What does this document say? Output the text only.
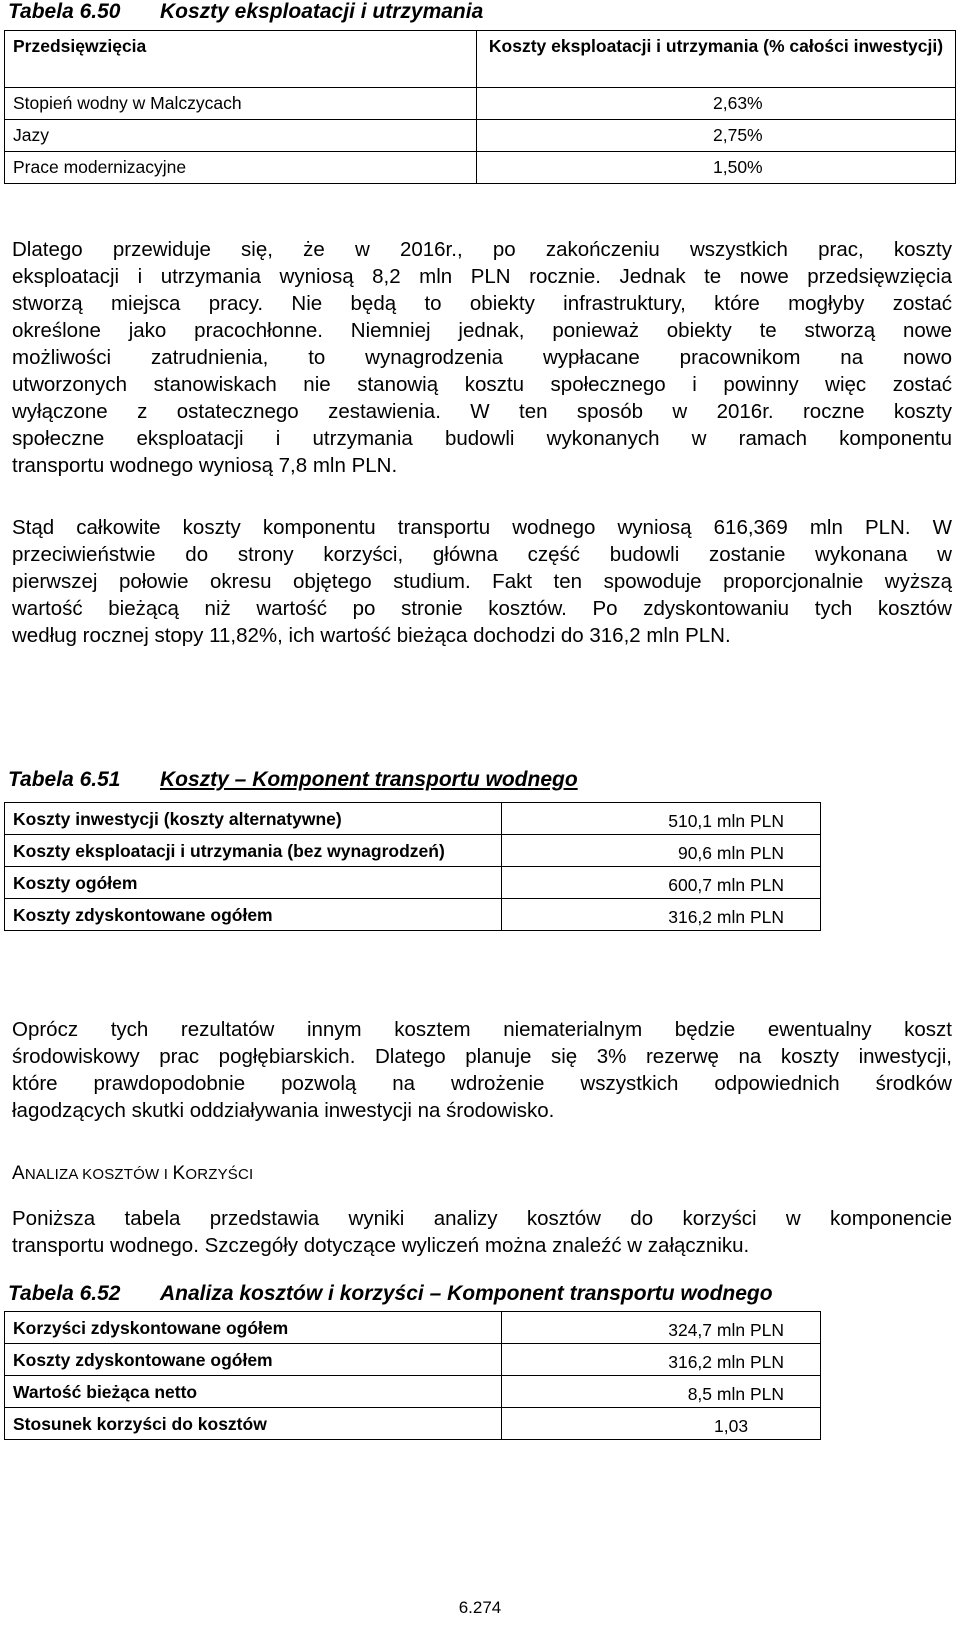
Tabela 6.50 Koszty eksploatacji i utrzymania
Przedsięwzięcia	Koszty eksploatacji i utrzymania (% całości inwestycji)
Stopień wodny w Malczycach	2,63%
Jazy	2,75%
Prace modernizacyjne	1,50%
Dlatego przewiduje się, że w 2016r., po zakończeniu wszystkich prac, koszty
eksploatacji i utrzymania wyniosą 8,2 mln PLN rocznie. Jednak te nowe przedsięwzięcia
stworzą miejsca pracy. Nie będą to obiekty infrastruktury, które mogłyby zostać
określone jako pracochłonne. Niemniej jednak, ponieważ obiekty te stworzą nowe
możliwości zatrudnienia, to wynagrodzenia wypłacane pracownikom na nowo
utworzonych stanowiskach nie stanowią kosztu społecznego i powinny więc zostać
wyłączone z ostatecznego zestawienia. W ten sposób w 2016r. roczne koszty
społeczne eksploatacji i utrzymania budowli wykonanych w ramach komponentu
transportu wodnego wyniosą 7,8 mln PLN.
Stąd całkowite koszty komponentu transportu wodnego wyniosą 616,369 mln PLN. W
przeciwieństwie do strony korzyści, główna część budowli zostanie wykonana w
pierwszej połowie okresu objętego studium. Fakt ten spowoduje proporcjonalnie wyższą
wartość bieżącą niż wartość po stronie kosztów. Po zdyskontowaniu tych kosztów
według rocznej stopy 11,82%, ich wartość bieżąca dochodzi do 316,2 mln PLN.
Tabela 6.51 Koszty – Komponent transportu wodnego
Koszty inwestycji (koszty alternatywne)	510,1 mln PLN
Koszty eksploatacji i utrzymania (bez wynagrodzeń)	90,6 mln PLN
Koszty ogółem	600,7 mln PLN
Koszty zdyskontowane ogółem	316,2 mln PLN
Oprócz tych rezultatów innym kosztem niematerialnym będzie ewentualny koszt
środowiskowy prac pogłębiarskich. Dlatego planuje się 3% rezerwę na koszty inwestycji,
które prawdopodobnie pozwolą na wdrożenie wszystkich odpowiednich środków
łagodzących skutki oddziaływania inwestycji na środowisko.
ANALIZA KOSZTÓW I KORZYŚCI
Poniższa tabela przedstawia wyniki analizy kosztów do korzyści w komponencie
transportu wodnego. Szczegóły dotyczące wyliczeń można znaleźć w załączniku.
Tabela 6.52 Analiza kosztów i korzyści – Komponent transportu wodnego
Korzyści zdyskontowane ogółem	324,7 mln PLN
Koszty zdyskontowane ogółem	316,2 mln PLN
Wartość bieżąca netto	8,5 mln PLN
Stosunek korzyści do kosztów	1,03
6.274
